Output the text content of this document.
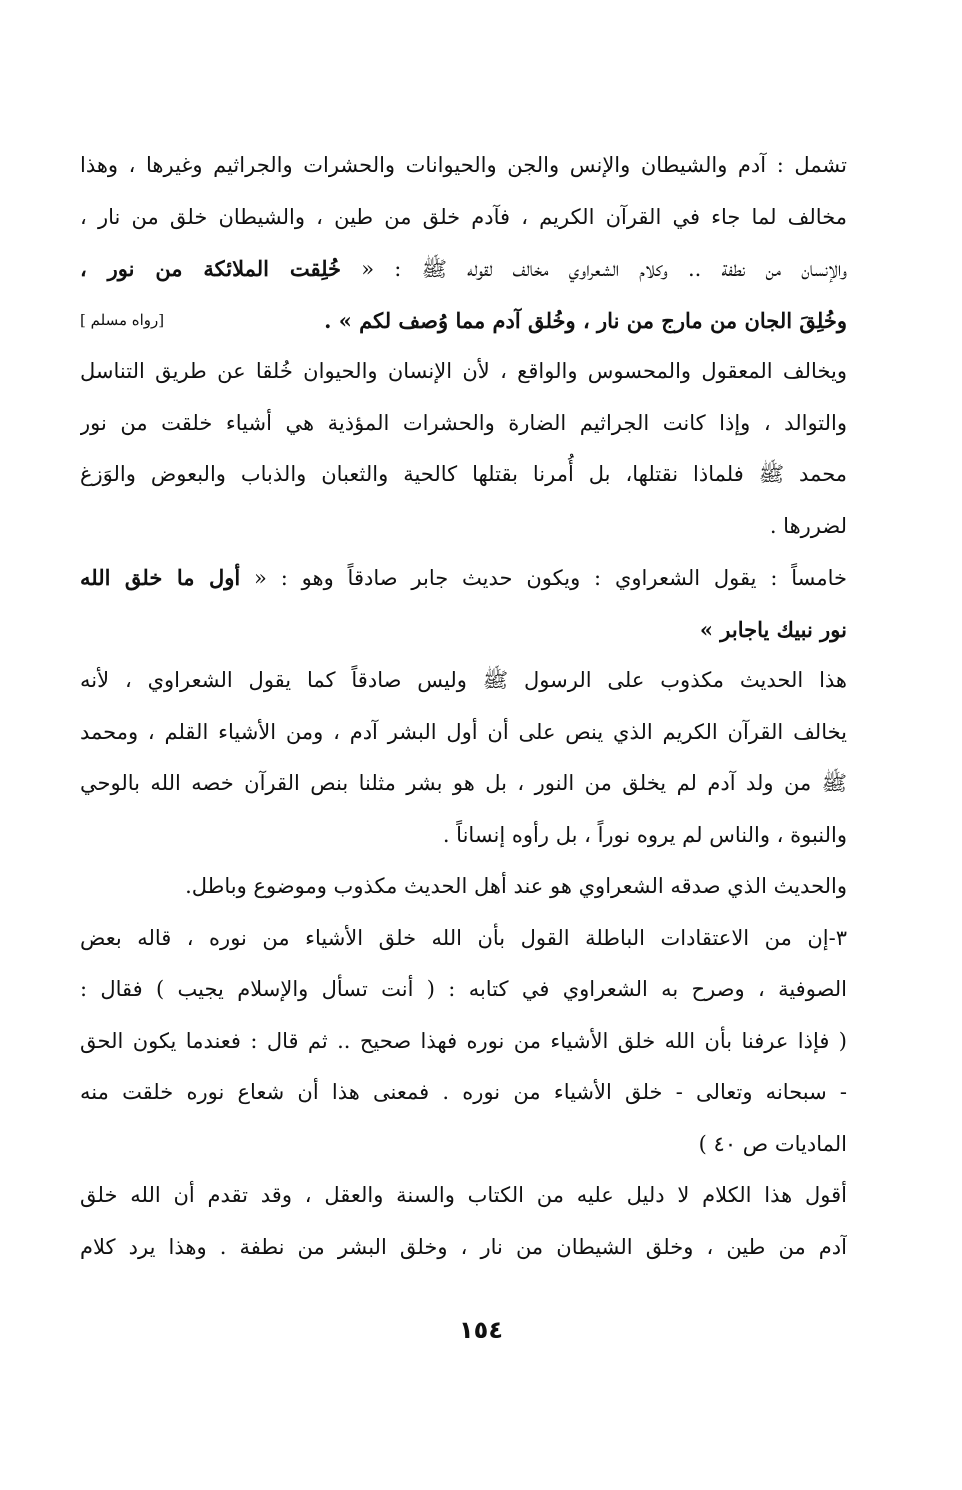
تشمل : آدم والشيطان والإنس والجن والحيوانات والحشرات والجراثيم وغيرها ، وهذا
مخالف لما جاء في القرآن الكريم ، فآدم خلق من طين ، والشيطان خلق من نار ،
والإنسان من نطفة .. وكلام الشعراوي مخالف لقوله ﷺ : « خُلِقت الملائكة من نور ،
وخُلِقَ الجان من مارج من نار ، وخُلق آدم مما وُصف لكم » .
[رواه مسلم ]
ويخالف المعقول والمحسوس والواقع ، لأن الإنسان والحيوان خُلقا عن طريق التناسل
والتوالد ، وإذا كانت الجراثيم الضارة والحشرات المؤذية هي أشياء خلقت من نور
محمد ﷺ فلماذا نقتلها، بل أُمرنا بقتلها كالحية والثعبان والذباب والبعوض والوَزغ
لضررها .
خامساً : يقول الشعراوي : ويكون حديث جابر صادقاً وهو : « أول ما خلق الله
نور نبيك ياجابر »
هذا الحديث مكذوب على الرسول ﷺ وليس صادقاً كما يقول الشعراوي ، لأنه
يخالف القرآن الكريم الذي ينص على أن أول البشر آدم ، ومن الأشياء القلم ، ومحمد
ﷺ من ولد آدم لم يخلق من النور ، بل هو بشر مثلنا بنص القرآن خصه الله بالوحي
والنبوة ، والناس لم يروه نوراً ، بل رأوه إنساناً .
والحديث الذي صدقه الشعراوي هو عند أهل الحديث مكذوب وموضوع وباطل.
٣-إن من الاعتقادات الباطلة القول بأن الله خلق الأشياء من نوره ، قاله بعض
الصوفية ، وصرح به الشعراوي في كتابه : ( أنت تسأل والإسلام يجيب ) فقال :
( فإذا عرفنا بأن الله خلق الأشياء من نوره فهذا صحيح .. ثم قال : فعندما يكون الحق
- سبحانه وتعالى - خلق الأشياء من نوره . فمعنى هذا أن شعاع نوره خلقت منه
الماديات ص ٤٠ )
أقول هذا الكلام لا دليل عليه من الكتاب والسنة والعقل ، وقد تقدم أن الله خلق
آدم من طين ، وخلق الشيطان من نار ، وخلق البشر من نطفة . وهذا يرد كلام
١٥٤
